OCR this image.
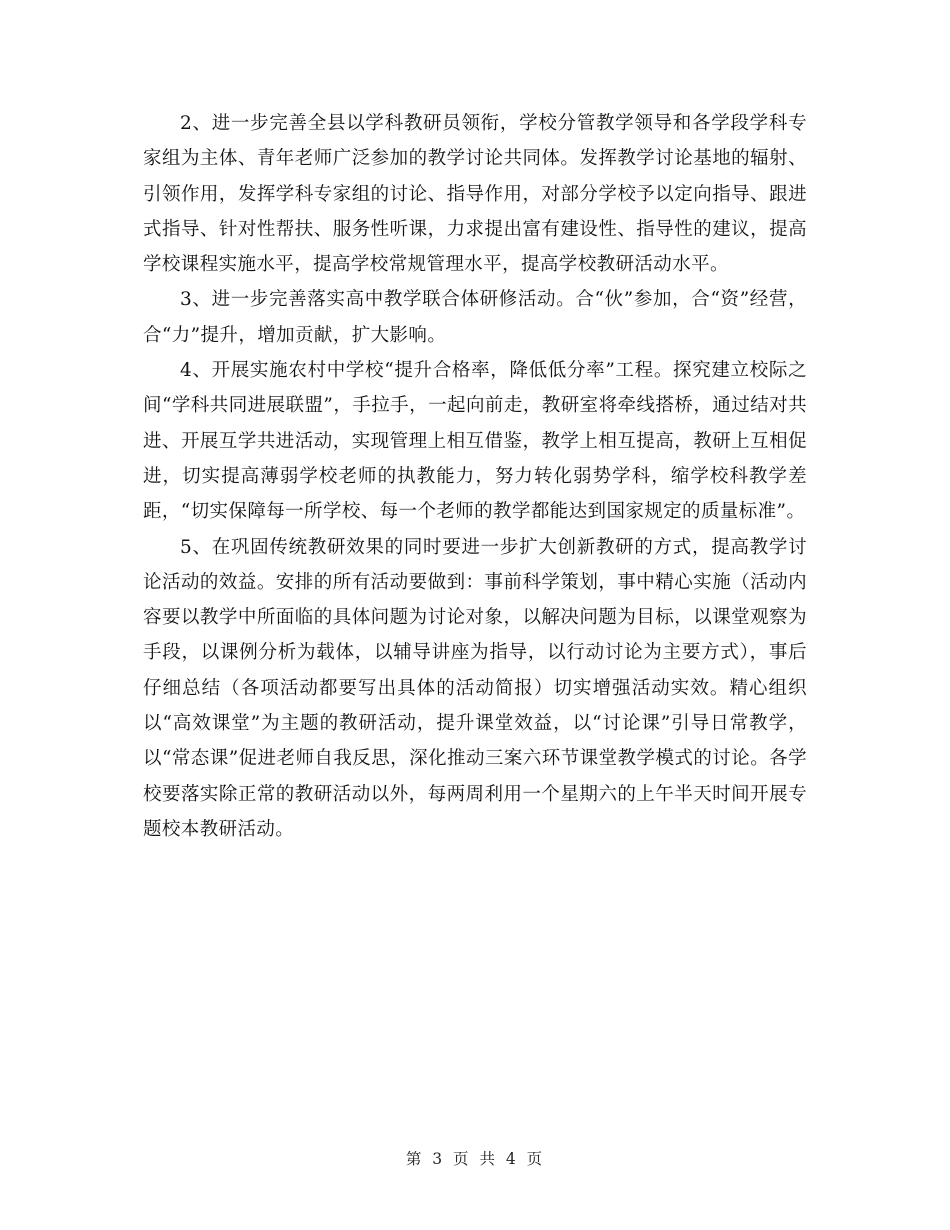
2、进一步完善全县以学科教研员领衔，学校分管教学领导和各学段学科专家组为主体、青年老师广泛参加的教学讨论共同体。发挥教学讨论基地的辐射、引领作用，发挥学科专家组的讨论、指导作用，对部分学校予以定向指导、跟进式指导、针对性帮扶、服务性听课，力求提出富有建设性、指导性的建议，提高学校课程实施水平，提高学校常规管理水平，提高学校教研活动水平。

3、进一步完善落实高中教学联合体研修活动。合“伙”参加，合“资”经营，合“力”提升，增加贡献，扩大影响。

4、开展实施农村中学校“提升合格率，降低低分率”工程。探究建立校际之间“学科共同进展联盟”，手拉手，一起向前走，教研室将牵线搭桥，通过结对共进、开展互学共进活动，实现管理上相互借鉴，教学上相互提高，教研上互相促进，切实提高薄弱学校老师的执教能力，努力转化弱势学科，缩学校科教学差距，“切实保障每一所学校、每一个老师的教学都能达到国家规定的质量标准”。

5、在巩固传统教研效果的同时要进一步扩大创新教研的方式，提高教学讨论活动的效益。安排的所有活动要做到：事前科学策划，事中精心实施（活动内容要以教学中所面临的具体问题为讨论对象，以解决问题为目标，以课堂观察为手段，以课例分析为载体，以辅导讲座为指导，以行动讨论为主要方式），事后仔细总结（各项活动都要写出具体的活动简报）切实增强活动实效。精心组织以“高效课堂”为主题的教研活动，提升课堂效益，以“讨论课”引导日常教学，以“常态课”促进老师自我反思，深化推动三案六环节课堂教学模式的讨论。各学校要落实除正常的教研活动以外，每两周利用一个星期六的上午半天时间开展专题校本教研活动。

第 3 页 共 4 页
